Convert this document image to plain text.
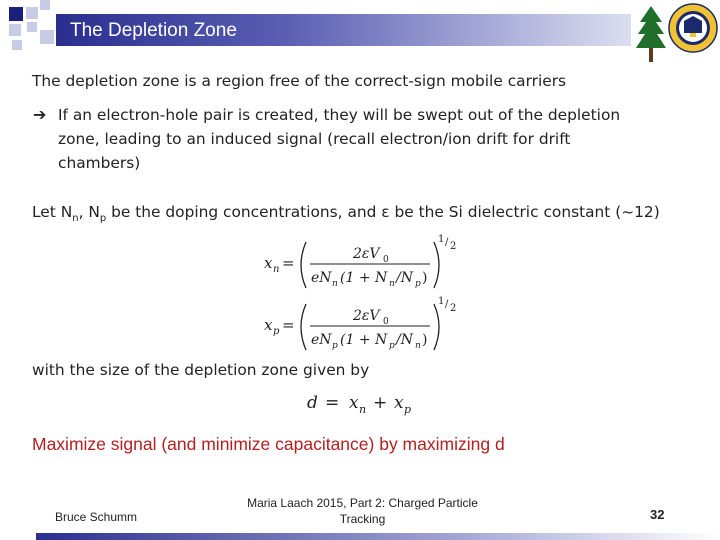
The Depletion Zone
The depletion zone is a region free of the correct-sign mobile carriers
➔ If an electron-hole pair is created, they will be swept out of the depletion
zone, leading to an induced signal (recall electron/ion drift for drift
chambers)
Let $N_n$, $N_p$ be the doping concentrations, and ε be the Si dielectric constant (~12)
x n =	2εV 0
eN n (1 + N n /N p )
1 / 2
x p =	2εV 0
eN p (1 + N p /N n )
1 / 2
with the size of the depletion zone given by
d = x n + x p
Maximize signal (and minimize capacitance) by maximizing d
Bruce Schumm
Maria Laach 2015, Part 2: Charged Particle
Tracking	32
